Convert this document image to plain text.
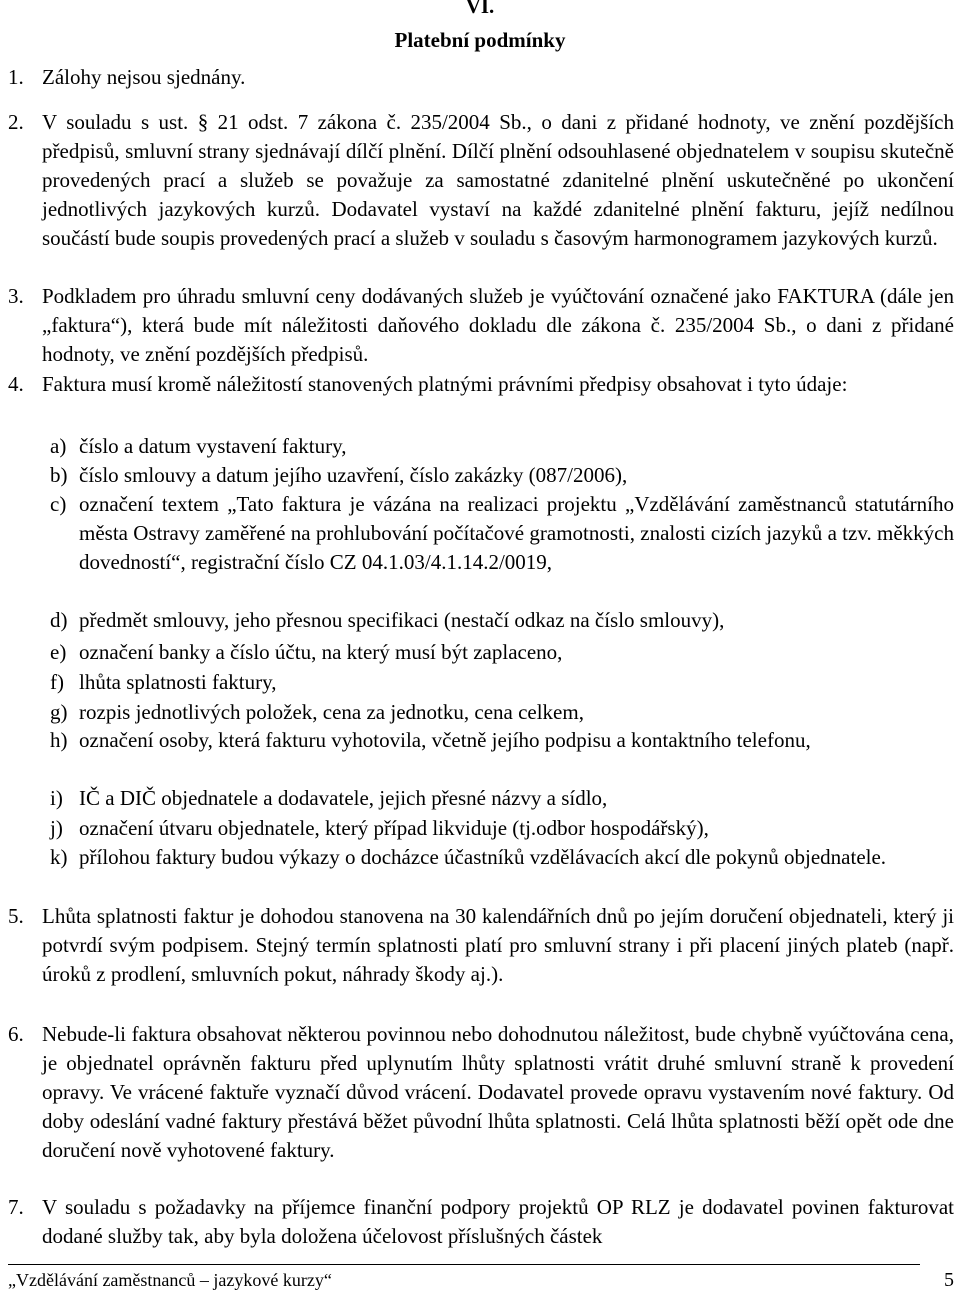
VI.
Platební podmínky
1. Zálohy nejsou sjednány.
2. V souladu s ust. § 21 odst. 7 zákona č. 235/2004 Sb., o dani z přidané hodnoty, ve znění pozdějších předpisů, smluvní strany sjednávají dílčí plnění. Dílčí plnění odsouhlasené objednatelem v soupisu skutečně provedených prací a služeb se považuje za samostatné zdanitelné plnění uskutečněné po ukončení jednotlivých jazykových kurzů. Dodavatel vystaví na každé zdanitelné plnění fakturu, jejíž nedílnou součástí bude soupis provedených prací a služeb v souladu s časovým harmonogramem jazykových kurzů.
3. Podkladem pro úhradu smluvní ceny dodávaných služeb je vyúčtování označené jako FAKTURA (dále jen „faktura“), která bude mít náležitosti daňového dokladu dle zákona č. 235/2004 Sb., o dani z přidané hodnoty, ve znění pozdějších předpisů.
4. Faktura musí kromě náležitostí stanovených platnými právními předpisy obsahovat i tyto údaje:
a) číslo a datum vystavení faktury,
b) číslo smlouvy a datum jejího uzavření, číslo zakázky (087/2006),
c) označení textem „Tato faktura je vázána na realizaci projektu „Vzdělávání zaměstnanců statutárního města Ostravy zaměřené na prohlubování počítačové gramotnosti, znalosti cizích jazyků a tzv. měkkých dovedností“, registrační číslo CZ 04.1.03/4.1.14.2/0019,
d) předmět smlouvy, jeho přesnou specifikaci (nestačí odkaz na číslo smlouvy),
e) označení banky a číslo účtu, na který musí být zaplaceno,
f) lhůta splatnosti faktury,
g) rozpis jednotlivých položek, cena za jednotku, cena celkem,
h) označení osoby, která fakturu vyhotovila, včetně jejího podpisu a kontaktního telefonu,
i) IČ a DIČ objednatele a dodavatele, jejich přesné názvy a sídlo,
j) označení útvaru objednatele, který případ likviduje (tj.odbor hospodářský),
k) přílohou faktury budou výkazy o docházce účastníků vzdělávacích akcí dle pokynů objednatele.
5. Lhůta splatnosti faktur je dohodou stanovena na 30 kalendářních dnů po jejím doručení objednateli, který ji potvrdí svým podpisem. Stejný termín splatnosti platí pro smluvní strany i při placení jiných plateb (např. úroků z prodlení, smluvních pokut, náhrady škody aj.).
6. Nebude-li faktura obsahovat některou povinnou nebo dohodnutou náležitost, bude chybně vyúčtována cena, je objednatel oprávněn fakturu před uplynutím lhůty splatnosti vrátit druhé smluvní straně k provedení opravy. Ve vrácené faktuře vyznačí důvod vrácení. Dodavatel provede opravu vystavením nové faktury. Od doby odeslání vadné faktury přestává běžet původní lhůta splatnosti. Celá lhůta splatnosti běží opět ode dne doručení nově vyhotovené faktury.
7. V souladu s požadavky na příjemce finanční podpory projektů OP RLZ je dodavatel povinen fakturovat dodané služby tak, aby byla doložena účelovost příslušných částek
„Vzdělávání zaměstnanců – jazykové kurzy“	5
